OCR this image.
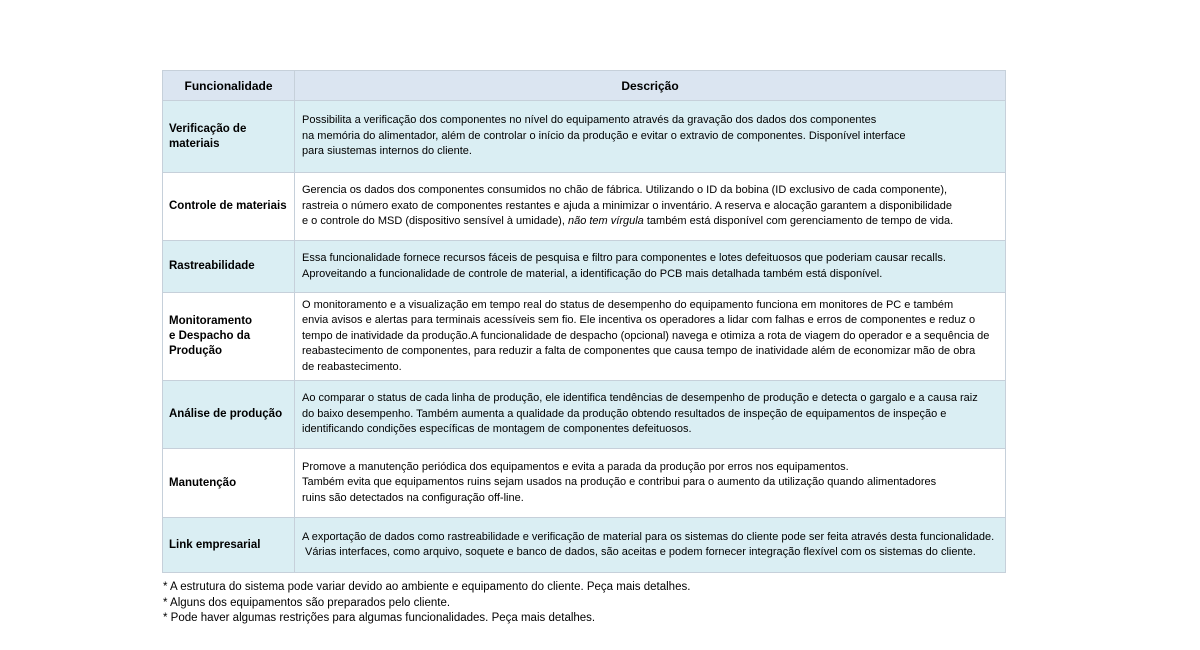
Funcionalidade	Descrição
Verificação de materiais	Possibilita a verificação dos componentes no nível do equipamento através da gravação dos dados dos componentes
na memória do alimentador, além de controlar o início da produção e evitar o extravio de componentes. Disponível interface
para siustemas internos do cliente.
Controle de materiais	Gerencia os dados dos componentes consumidos no chão de fábrica. Utilizando o ID da bobina (ID exclusivo de cada componente),
rastreia o número exato de componentes restantes e ajuda a minimizar o inventário. A reserva e alocação garantem a disponibilidade
e o controle do MSD (dispositivo sensível à umidade), não tem vírgula também está disponível com gerenciamento de tempo de vida.
Rastreabilidade	Essa funcionalidade fornece recursos fáceis de pesquisa e filtro para componentes e lotes defeituosos que poderiam causar recalls.
Aproveitando a funcionalidade de controle de material, a identificação do PCB mais detalhada também está disponível.
Monitoramento
e Despacho da
Produção	O monitoramento e a visualização em tempo real do status de desempenho do equipamento funciona em monitores de PC e também
envia avisos e alertas para terminais acessíveis sem fio. Ele incentiva os operadores a lidar com falhas e erros de componentes e reduz o
tempo de inatividade da produção.A funcionalidade de despacho (opcional) navega e otimiza a rota de viagem do operador e a sequência de
reabastecimento de componentes, para reduzir a falta de componentes que causa tempo de inatividade além de economizar mão de obra
de reabastecimento.
Análise de produção	Ao comparar o status de cada linha de produção, ele identifica tendências de desempenho de produção e detecta o gargalo e a causa raiz
do baixo desempenho. Também aumenta a qualidade da produção obtendo resultados de inspeção de equipamentos de inspeção e
identificando condições específicas de montagem de componentes defeituosos.
Manutenção	Promove a manutenção periódica dos equipamentos e evita a parada da produção por erros nos equipamentos.
Também evita que equipamentos ruins sejam usados na produção e contribui para o aumento da utilização quando alimentadores
ruins são detectados na configuração off-line.
Link empresarial	A exportação de dados como rastreabilidade e verificação de material para os sistemas do cliente pode ser feita através desta funcionalidade.
Várias interfaces, como arquivo, soquete e banco de dados, são aceitas e podem fornecer integração flexível com os sistemas do cliente.
* A estrutura do sistema pode variar devido ao ambiente e equipamento do cliente. Peça mais detalhes.
* Alguns dos equipamentos são preparados pelo cliente.
* Pode haver algumas restrições para algumas funcionalidades. Peça mais detalhes.
